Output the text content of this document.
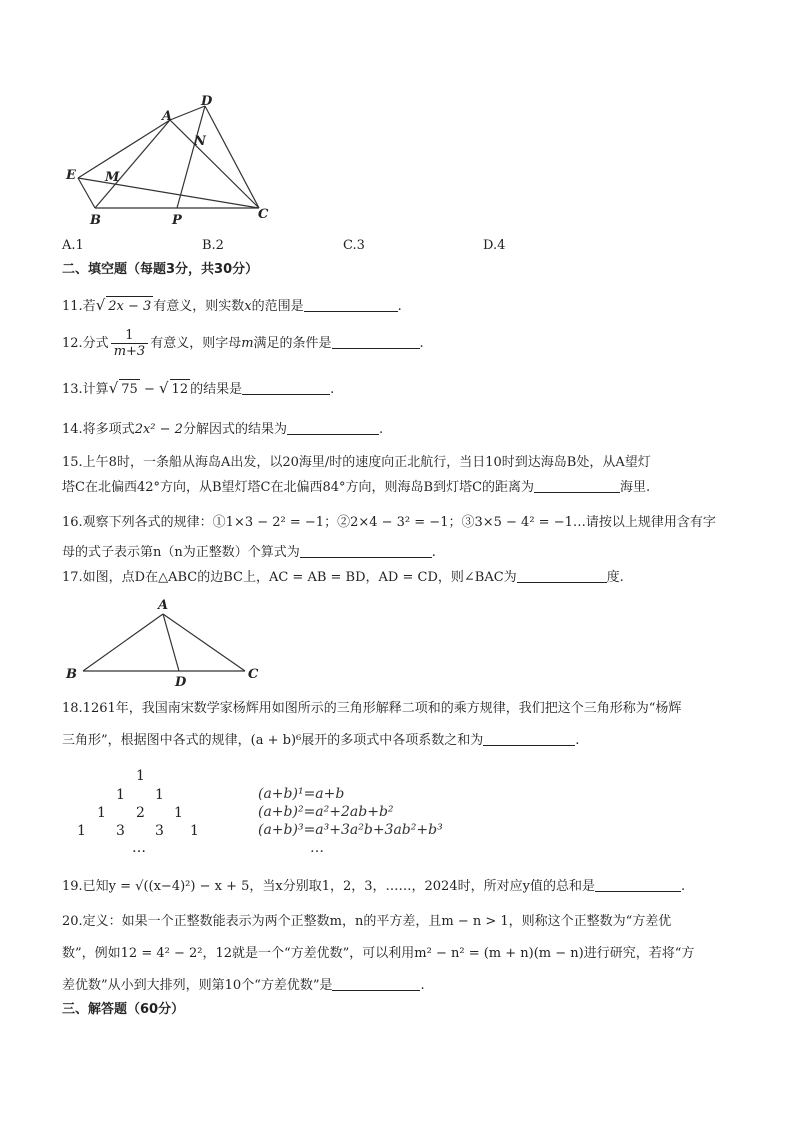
A
D
N
E M
B	P	C
A.1	B.2	C.3	D.4
二、填空题（每题3分，共30分）
11.若√ 2x − 3 有意义，则实数x的范围是	.
12.分式 $\frac{1}{m+3}$ 有意义，则字母m满足的条件是	.
13.计算√ 75 − √ 12 的结果是	.
14.将多项式2x² − 2分解因式的结果为	.
15.上午8时，一条船从海岛A出发，以20海里/时的速度向正北航行，当日10时到达海岛B处，从A望灯
塔C在北偏西42°方向，从B望灯塔C在北偏西84°方向，则海岛B到灯塔C的距离为	海里.
16.观察下列各式的规律：①1×3 − 2² = −1；②2×4 − 3² = −1；③3×5 − 4² = −1…请按以上规律用含有字
母的式子表示第n（n为正整数）个算式为	.
17.如图，点D在△ABC的边BC上，AC = AB = BD，AD = CD，则∠BAC为	度.
A
B
D
C
18.1261年，我国南宋数学家杨辉用如图所示的三角形解释二项和的乘方规律，我们把这个三角形称为“杨辉
三角形”，根据图中各式的规律，(a + b)⁶展开的多项式中各项系数之和为	.
1
1 1
1 2 1
1 3 3 1
…
(a+b)¹=a+b
(a+b)²=a²+2ab+b²
(a+b)³=a³+3a²b+3ab²+b³
…
19.已知y = √((x−4)²) − x + 5，当x分别取1，2，3，……，2024时，所对应y值的总和是	.
20.定义：如果一个正整数能表示为两个正整数m，n的平方差，且m − n > 1，则称这个正整数为“方差优
数”，例如12 = 4² − 2²，12就是一个“方差优数”，可以利用m² − n² = (m + n)(m − n)进行研究，若将“方
差优数”从小到大排列，则第10个“方差优数”是	.
三、解答题（60分）
